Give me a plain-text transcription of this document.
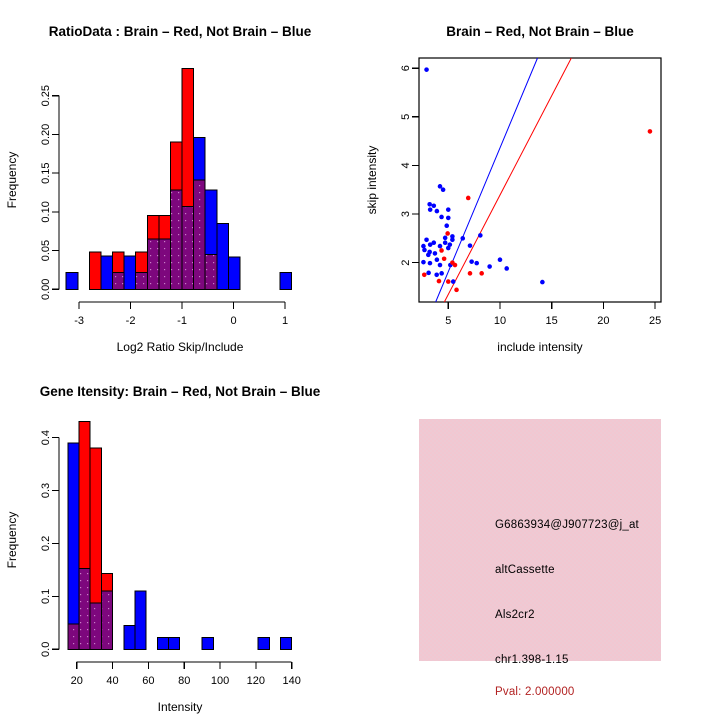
-3	-2	-1	0	1
0.00
0.05
0.10
0.15
0.20
0.25
RatioData : Brain – Red, Not Brain – Blue
Log2 Ratio Skip/Include
Frequency
5	10	15	20	25
2
3
4
5
6
Brain – Red, Not Brain – Blue
include intensity
skip intensity
20 40 60 80 100 120 140
0.0
0.1
0.2
0.3
0.4
Gene Itensity: Brain – Red, Not Brain – Blue
Intensity
Frequency	G6863934@J907723@j_at
altCassette
Als2cr2
chr1.398-1.15
Pval: 2.000000
